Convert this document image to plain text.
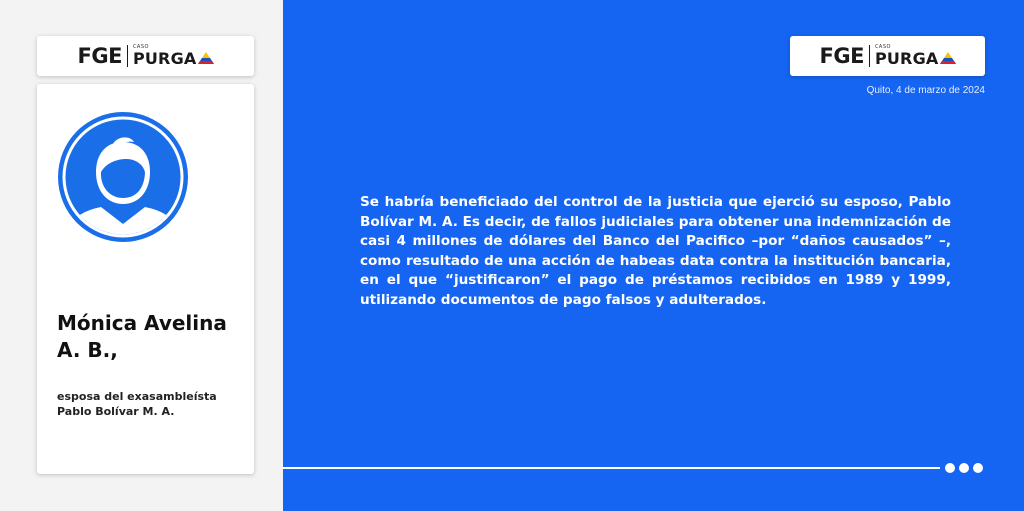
FGE CASO
PURGA
Mónica Avelina A. B.,
esposa del exasambleísta Pablo Bolívar M. A.
FGE CASO
PURGA
Quito, 4 de marzo de 2024
Se habría beneficiado del control de la justicia que ejerció su esposo, Pablo Bolívar M. A. Es decir, de fallos judiciales para obtener una indemnización de casi 4 millones de dólares del Banco del Pacifico –por “daños causados” –, como resultado de una acción de habeas data contra la institución bancaria, en el que “justificaron” el pago de préstamos recibidos en 1989 y 1999, utilizando documentos de pago falsos y adulterados.
